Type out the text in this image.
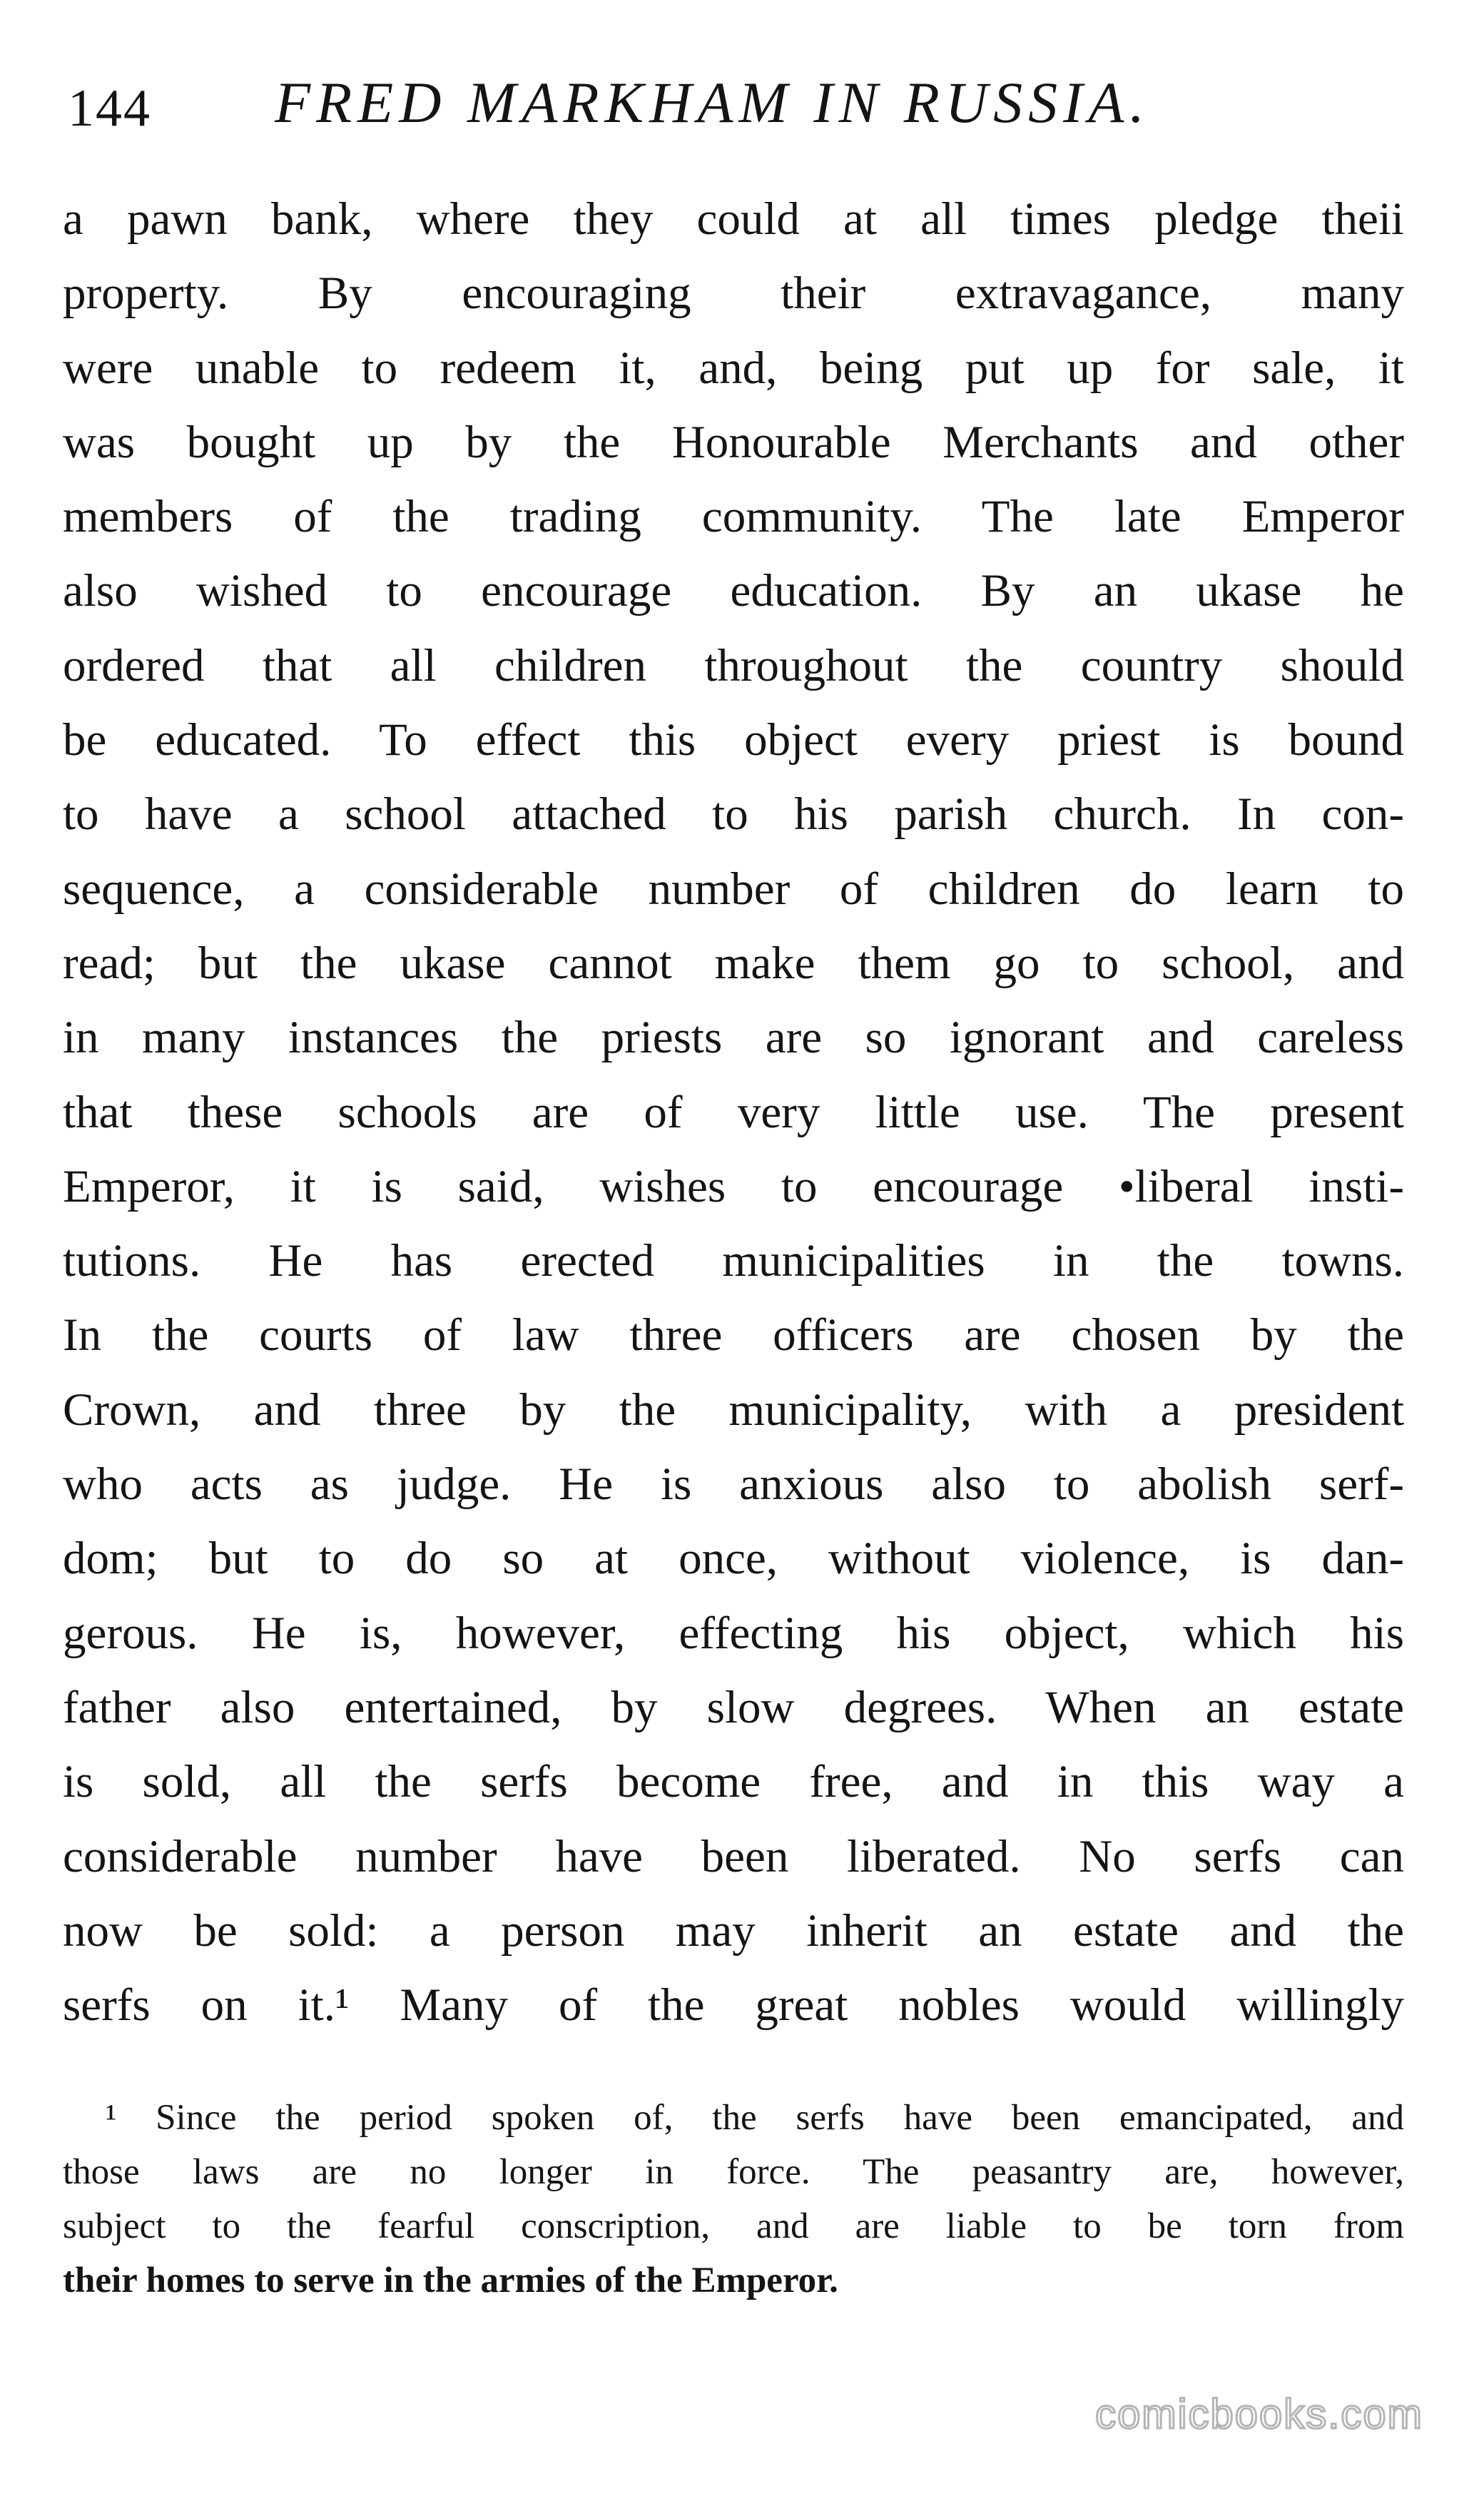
144 FRED MARKHAM IN RUSSIA.
a pawn bank, where they could at all times pledge theii
property. By encouraging their extravagance, many
were unable to redeem it, and, being put up for sale, it
was bought up by the Honourable Merchants and other
members of the trading community. The late Emperor
also wished to encourage education. By an ukase he
ordered that all children throughout the country should
be educated. To effect this object every priest is bound
to have a school attached to his parish church. In con-
sequence, a considerable number of children do learn to
read; but the ukase cannot make them go to school, and
in many instances the priests are so ignorant and careless
that these schools are of very little use. The present
Emperor, it is said, wishes to encourage •liberal insti-
tutions. He has erected municipalities in the towns.
In the courts of law three officers are chosen by the
Crown, and three by the municipality, with a president
who acts as judge. He is anxious also to abolish serf-
dom; but to do so at once, without violence, is dan-
gerous. He is, however, effecting his object, which his
father also entertained, by slow degrees. When an estate
is sold, all the serfs become free, and in this way a
considerable number have been liberated. No serfs can
now be sold: a person may inherit an estate and the
serfs on it.¹ Many of the great nobles would willingly
¹ Since the period spoken of, the serfs have been emancipated, and
those laws are no longer in force. The peasantry are, however,
subject to the fearful conscription, and are liable to be torn from
their homes to serve in the armies of the Emperor.
comicbooks.com
